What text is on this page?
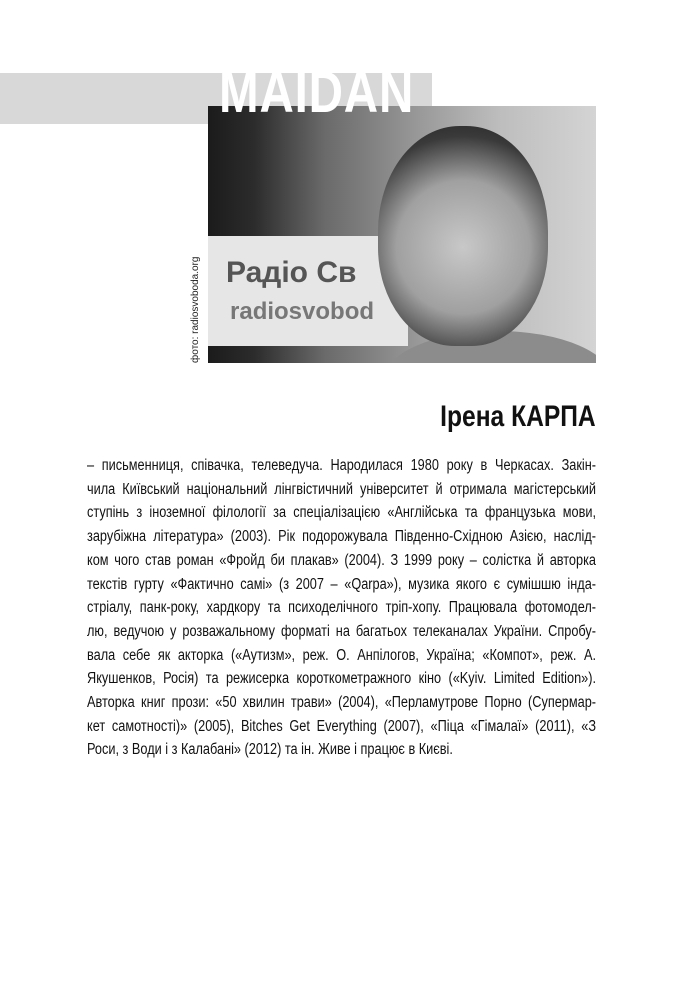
MAIDAN
Радіо Св
radiosvobod
фото: radiosvoboda.org
Ірена КАРПА
– письменниця, співачка, телеведуча. Народилася 1980 року в Черкасах. Закін-
чила Київський національний лінгвістичний університет й отримала магістерський
ступінь з іноземної філології за спеціалізацією «Англійська та французька мови,
зарубіжна література» (2003). Рік подорожувала Південно-Східною Азією, наслід-
ком чого став роман «Фройд би плакав» (2004). З 1999 року – солістка й авторка
текстів гурту «Фактично самі» (з 2007 – «Qarpa»), музика якого є сумішшю інда-
стріалу, панк-року, хардкору та психоделічного тріп-хопу. Працювала фотомодел-
лю, ведучою у розважальному форматі на багатьох телеканалах України. Спробу-
вала себе як акторка («Аутизм», реж. О. Анпілогов, Україна; «Компот», реж. А.
Якушенков, Росія) та режисерка короткометражного кіно («Kyiv. Limited Edition»).
Авторка книг прози: «50 хвилин трави» (2004), «Перламутрове Порно (Супермар-
кет самотності)» (2005), Bitches Get Everything (2007), «Піца «Гімалаї» (2011), «З
Роси, з Води і з Калабані» (2012) та ін. Живе і працює в Києві.
